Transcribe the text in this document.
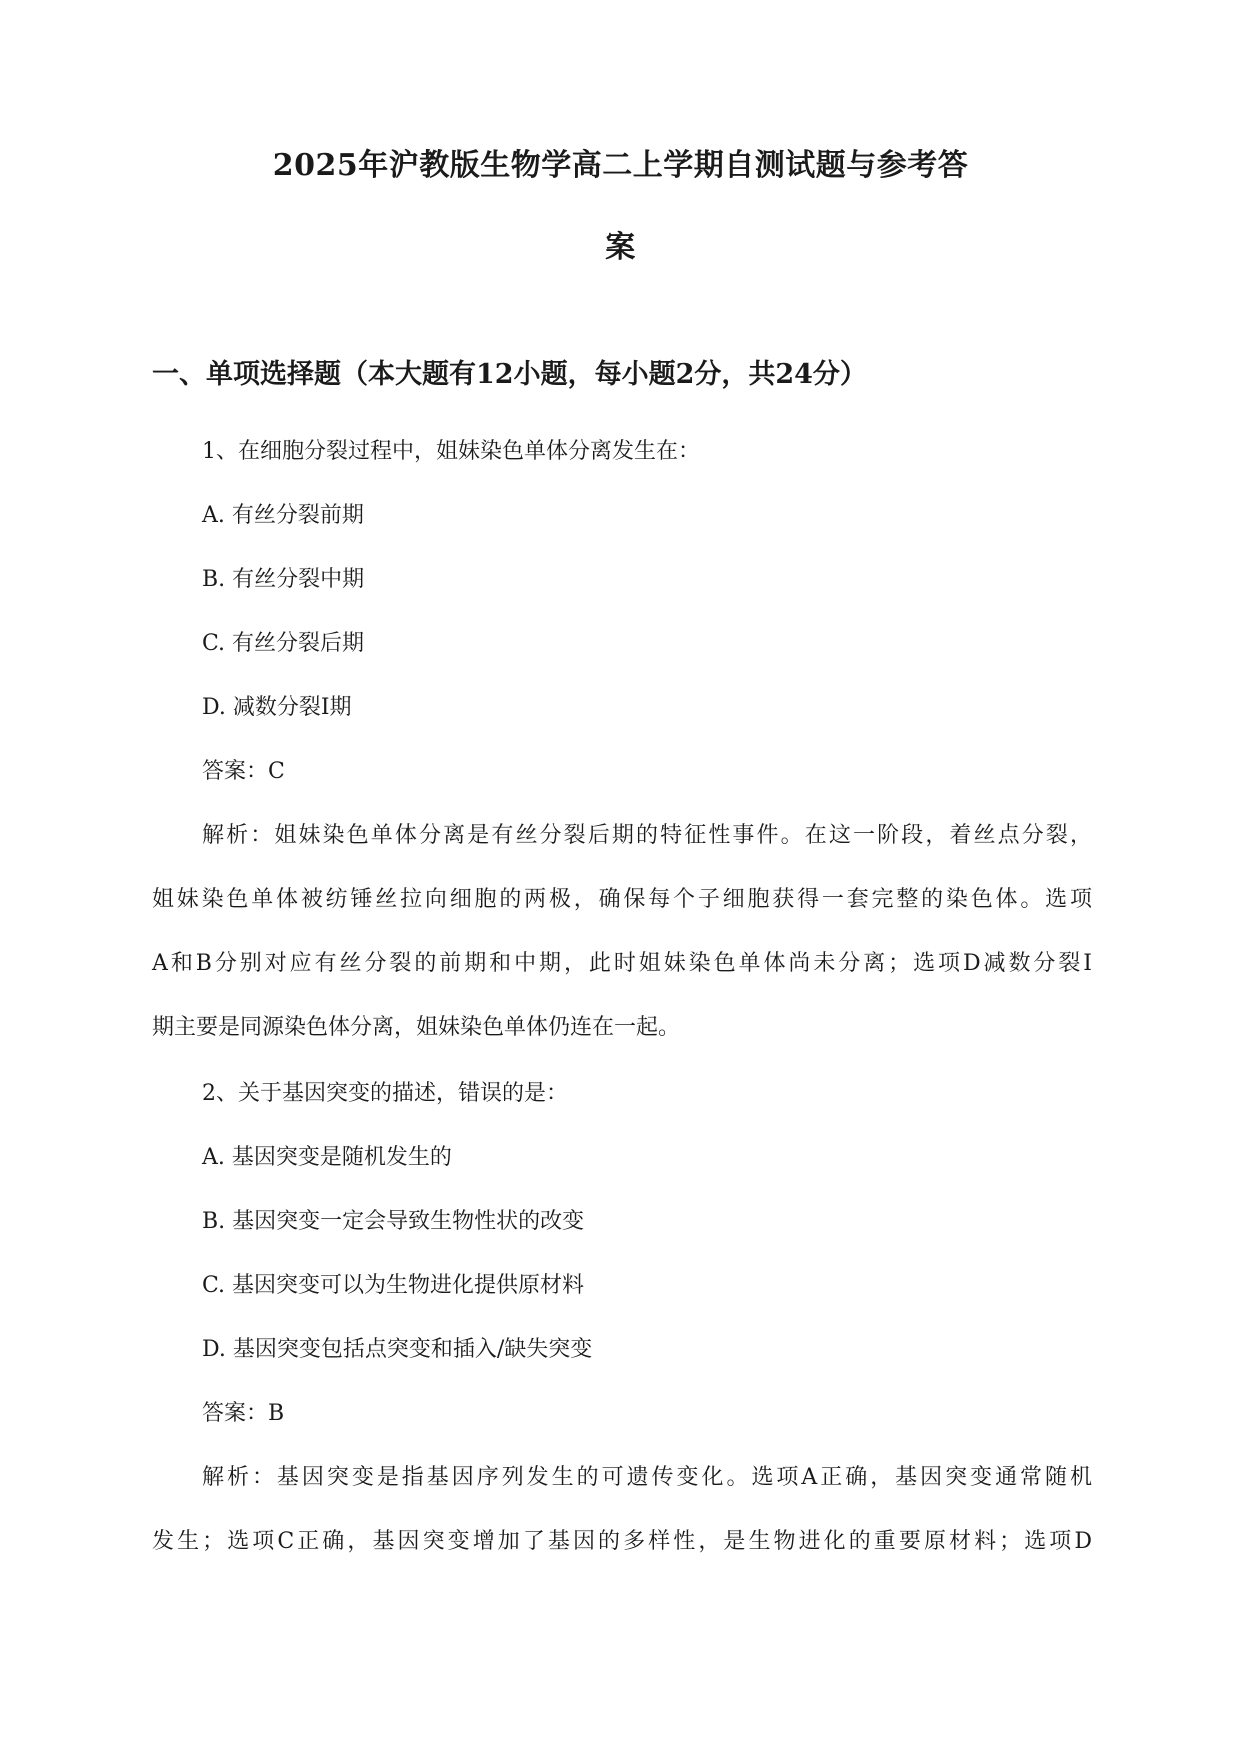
2025年沪教版生物学高二上学期自测试题与参考答
案
一、单项选择题（本大题有12小题，每小题2分，共24分）
1、在细胞分裂过程中，姐妹染色单体分离发生在：
A. 有丝分裂前期
B. 有丝分裂中期
C. 有丝分裂后期
D. 减数分裂Ⅰ期
答案：C
解析：姐妹染色单体分离是有丝分裂后期的特征性事件。在这一阶段，着丝点分裂，
姐妹染色单体被纺锤丝拉向细胞的两极，确保每个子细胞获得一套完整的染色体。选项
A和B分别对应有丝分裂的前期和中期，此时姐妹染色单体尚未分离；选项D减数分裂Ⅰ
期主要是同源染色体分离，姐妹染色单体仍连在一起。
2、关于基因突变的描述，错误的是：
A. 基因突变是随机发生的
B. 基因突变一定会导致生物性状的改变
C. 基因突变可以为生物进化提供原材料
D. 基因突变包括点突变和插入/缺失突变
答案：B
解析：基因突变是指基因序列发生的可遗传变化。选项A正确，基因突变通常随机
发生；选项C正确，基因突变增加了基因的多样性，是生物进化的重要原材料；选项D
